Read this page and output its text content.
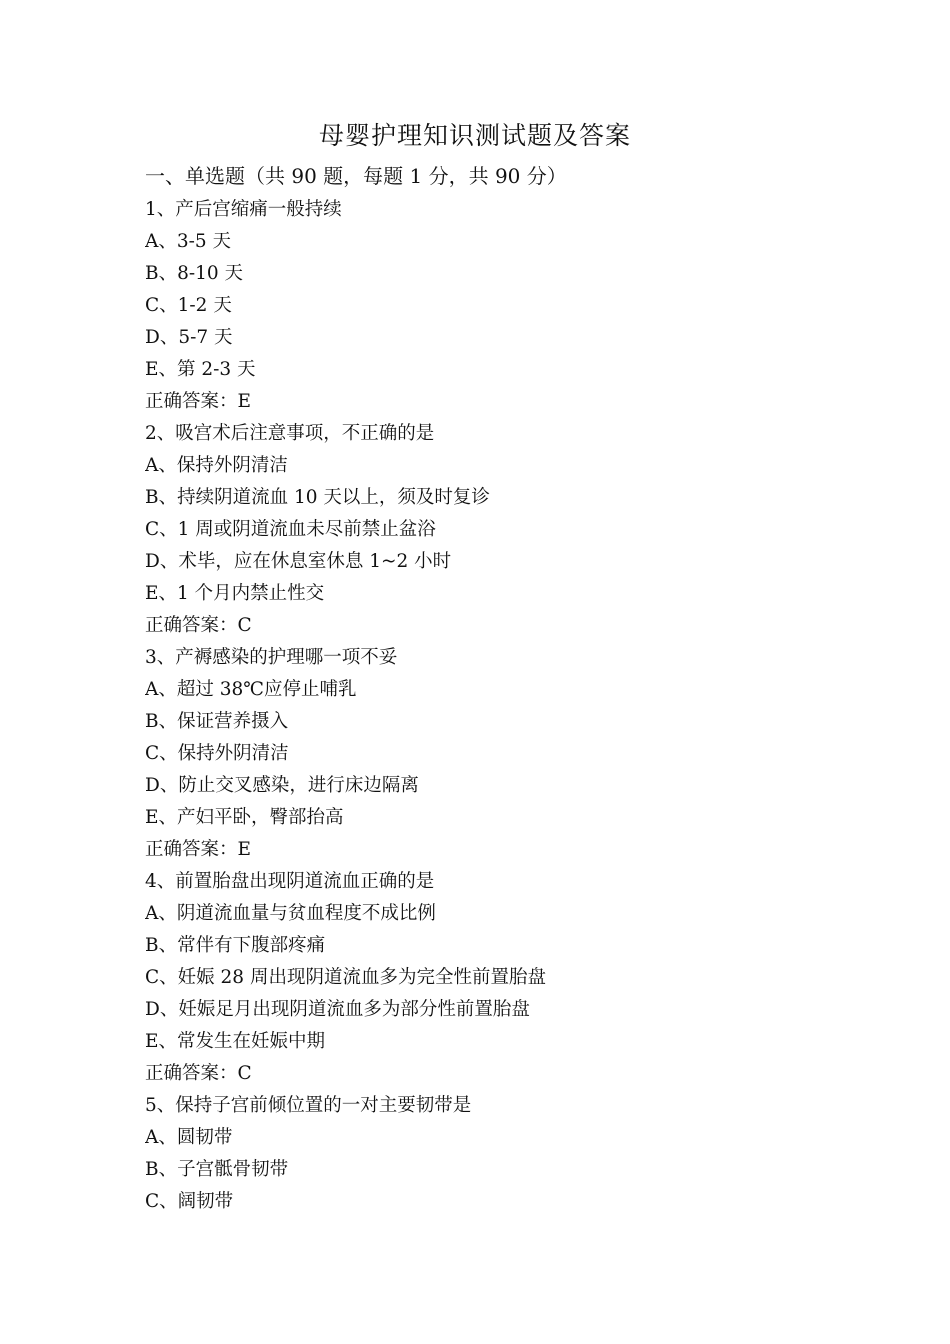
母婴护理知识测试题及答案
一、单选题（共 90 题，每题 1 分，共 90 分）
1、产后宫缩痛一般持续
A、3-5 天
B、8-10 天
C、1-2 天
D、5-7 天
E、第 2-3 天
正确答案：E
2、吸宫术后注意事项，不正确的是
A、保持外阴清洁
B、持续阴道流血 10 天以上，须及时复诊
C、1 周或阴道流血未尽前禁止盆浴
D、术毕，应在休息室休息 1~2 小时
E、1 个月内禁止性交
正确答案：C
3、产褥感染的护理哪一项不妥
A、超过 38℃应停止哺乳
B、保证营养摄入
C、保持外阴清洁
D、防止交叉感染，进行床边隔离
E、产妇平卧，臀部抬高
正确答案：E
4、前置胎盘出现阴道流血正确的是
A、阴道流血量与贫血程度不成比例
B、常伴有下腹部疼痛
C、妊娠 28 周出现阴道流血多为完全性前置胎盘
D、妊娠足月出现阴道流血多为部分性前置胎盘
E、常发生在妊娠中期
正确答案：C
5、保持子宫前倾位置的一对主要韧带是
A、圆韧带
B、子宫骶骨韧带
C、阔韧带
